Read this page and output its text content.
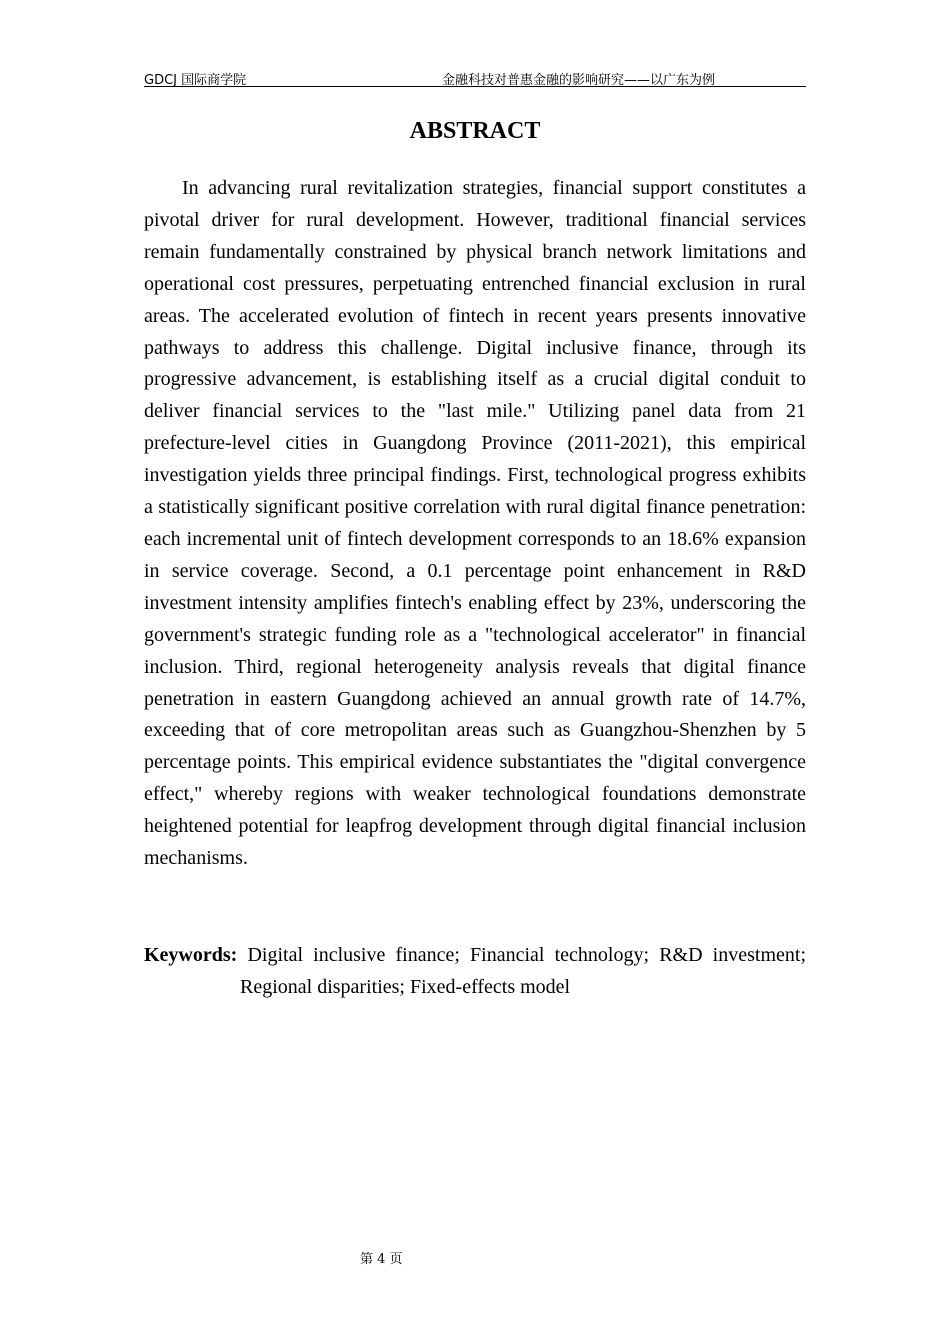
GDCJ 国际商学院	金融科技对普惠金融的影响研究——以广东为例
ABSTRACT

In advancing rural revitalization strategies, financial support constitutes a pivotal driver for rural development. However, traditional financial services remain fundamentally constrained by physical branch network limitations and operational cost pressures, perpetuating entrenched financial exclusion in rural areas. The accelerated evolution of fintech in recent years presents innovative pathways to address this challenge. Digital inclusive finance, through its progressive advancement, is establishing itself as a crucial digital conduit to deliver financial services to the "last mile." Utilizing panel data from 21 prefecture-level cities in Guangdong Province (2011-2021), this empirical investigation yields three principal findings. First, technological progress exhibits a statistically significant positive correlation with rural digital finance penetration: each incremental unit of fintech development corresponds to an 18.6% expansion in service coverage. Second, a 0.1 percentage point enhancement in R&D investment intensity amplifies fintech's enabling effect by 23%, underscoring the government's strategic funding role as a "technological accelerator" in financial inclusion. Third, regional heterogeneity analysis reveals that digital finance penetration in eastern Guangdong achieved an annual growth rate of 14.7%, exceeding that of core metropolitan areas such as Guangzhou-Shenzhen by 5 percentage points. This empirical evidence substantiates the "digital convergence effect," whereby regions with weaker technological foundations demonstrate heightened potential for leapfrog development through digital financial inclusion mechanisms.

Keywords: Digital inclusive finance; Financial technology; R&D investment; Regional disparities; Fixed-effects model

第 4 页
